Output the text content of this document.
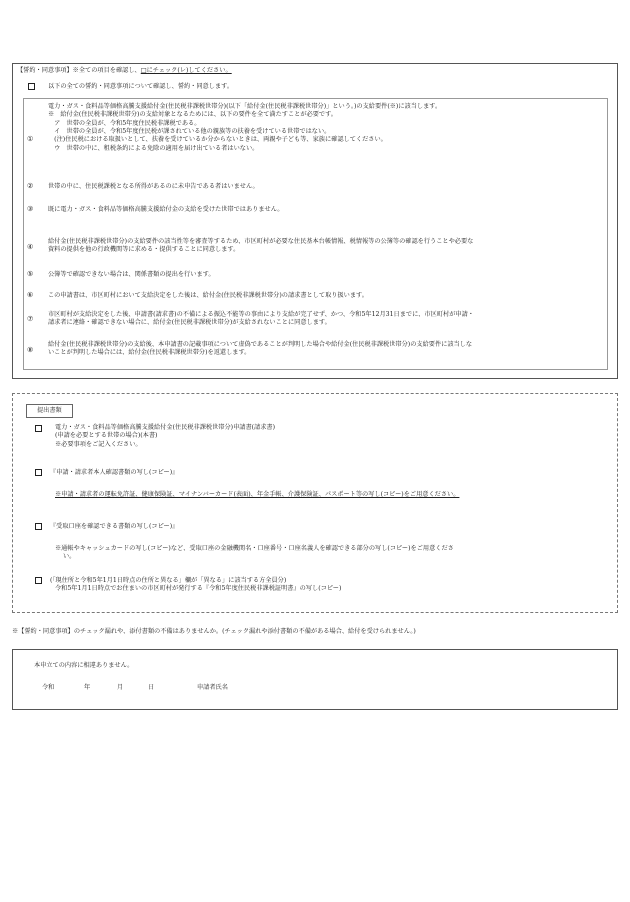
【誓約・同意事項】※全ての項目を確認し、□にチェック(レ)してください。
以下の全ての誓約・同意事項について確認し、誓約・同意します。
①
電力・ガス・食料品等価格高騰支援給付金(住民税非課税世帯分)(以下「給付金(住民税非課税世帯分)」という。)の支給要件(※)に該当します。
※　給付金(住民税非課税世帯分)の支給対象となるためには、以下の要件を全て満たすことが必要です。
　ア　世帯の全員が、令和5年度住民税非課税である。
　イ　世帯の全員が、令和5年度住民税が課されている他の親族等の扶養を受けている世帯ではない。
　(注)住民税における取扱いとして、扶養を受けているか分からないときは、両親や子ども等、家族に確認してください。
　ウ　世帯の中に、租税条約による免除の適用を届け出ている者はいない。
② 世帯の中に、住民税課税となる所得があるのに未申告である者はいません。
③ 既に電力・ガス・食料品等価格高騰支援給付金の支給を受けた世帯ではありません。
④
給付金(住民税非課税世帯分)の支給要件の該当性等を審査等するため、市区町村が必要な住民基本台帳情報、税情報等の公簿等の確認を行うことや必要な
資料の提供を他の行政機関等に求める・提供することに同意します。
⑤ 公簿等で確認できない場合は、関係書類の提出を行います。
⑥ この申請書は、市区町村において支給決定をした後は、給付金(住民税非課税世帯分)の請求書として取り扱います。
⑦
市区町村が支給決定をした後、申請書(請求書)の不備による振込不能等の事由により支給が完了せず、かつ、令和5年12月31日までに、市区町村が申請・
請求者に連絡・確認できない場合に、給付金(住民税非課税世帯分)が支給されないことに同意します。
⑧
給付金(住民税非課税世帯分)の支給後、本申請書の記載事項について虚偽であることが判明した場合や給付金(住民税非課税世帯分)の支給要件に該当しな
いことが判明した場合には、給付金(住民税非課税世帯分)を返還します。
提出書類
電力・ガス・食料品等価格高騰支援給付金(住民税非課税世帯分)申請書(請求書)
(申請を必要とする世帯の場合)(本書)
※必要事項をご記入ください。
『申請・請求者本人確認書類の写し(コピー)』
※申請・請求者の運転免許証、健康保険証、マイナンバーカード(表面)、年金手帳、介護保険証、パスポート等の写し(コピー)をご用意ください。
『受取口座を確認できる書類の写し(コピー)』
※通帳やキャッシュカードの写し(コピー)など、受取口座の金融機関名・口座番号・口座名義人を確認できる部分の写し(コピー)をご用意くださ
い。
(「現住所と令和5年1月1日時点の住所と異なる」欄が「異なる」に該当する方全員分)
令和5年1月1日時点でお住まいの市区町村が発行する『令和5年度住民税非課税証明書』の写し(コピー)
※【誓約・同意事項】のチェック漏れや、添付書類の不備はありませんか。(チェック漏れや添付書類の不備がある場合、給付を受けられません。)
本申立ての内容に相違ありません。
令和	年	月	日	申請者氏名
